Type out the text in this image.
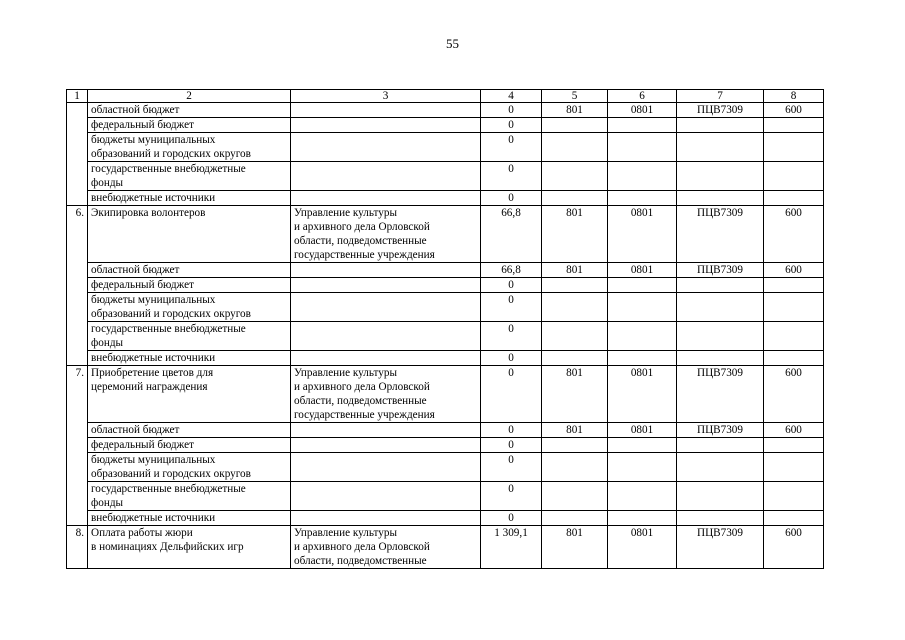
55
1	2	3	4	5	6	7	8

	областной бюджет		0	801	0801	ПЦВ7309	600

	федеральный бюджет		0				

	бюджеты муниципальных
образований и городских округов		0				

	государственные внебюджетные
фонды		0				

	внебюджетные источники		0				
6.	Экипировка волонтеров	Управление культуры
и архивного дела Орловской
области, подведомственные
государственные учреждения	66,8	801	0801	ПЦВ7309	600

	областной бюджет		66,8	801	0801	ПЦВ7309	600

	федеральный бюджет		0				

	бюджеты муниципальных
образований и городских округов		0				

	государственные внебюджетные
фонды		0				

	внебюджетные источники		0				
7.	Приобретение цветов для
церемоний награждения	Управление культуры
и архивного дела Орловской
области, подведомственные
государственные учреждения	0	801	0801	ПЦВ7309	600

	областной бюджет		0	801	0801	ПЦВ7309	600

	федеральный бюджет		0				

	бюджеты муниципальных
образований и городских округов		0				

	государственные внебюджетные
фонды		0				

	внебюджетные источники		0				
8.	Оплата работы жюри
в номинациях Дельфийских игр	Управление культуры
и архивного дела Орловской
области, подведомственные	1 309,1	801	0801	ПЦВ7309	600
